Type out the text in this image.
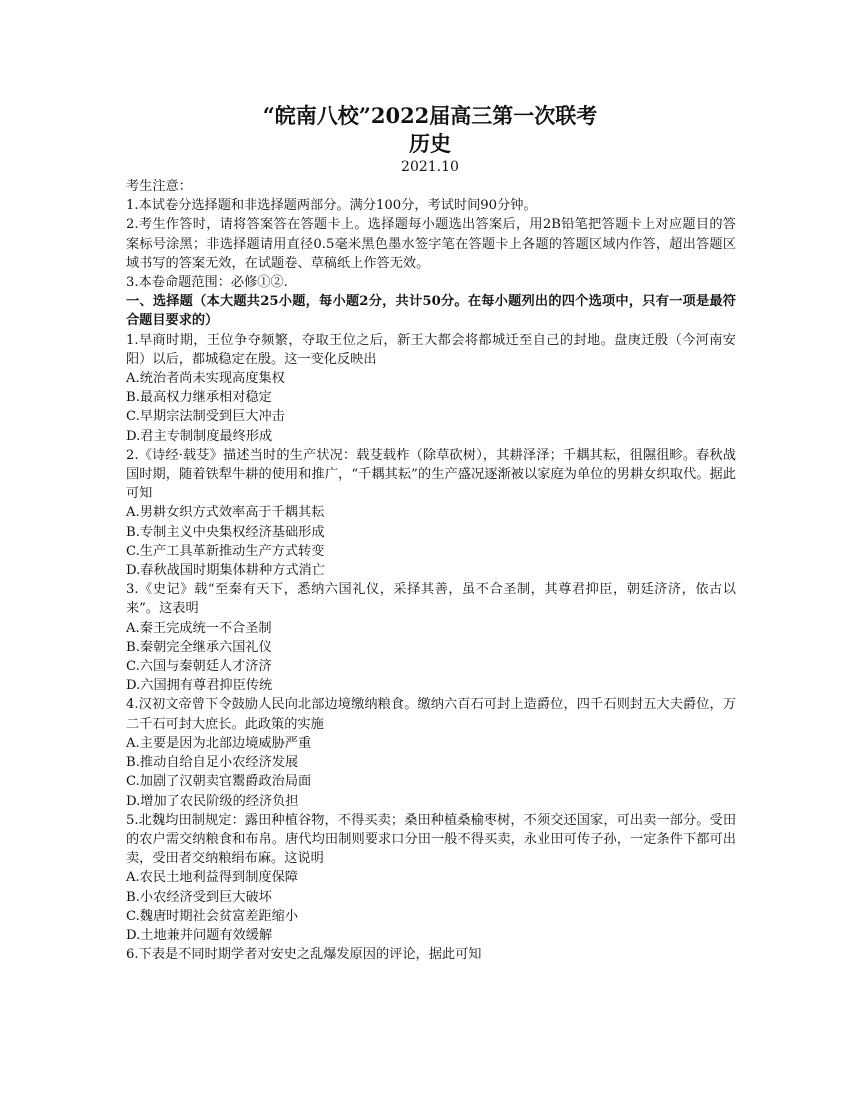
“皖南八校”2022届高三第一次联考
历史
2021.10
考生注意：
1.本试卷分选择题和非选择题两部分。满分100分，考试时间90分钟。
2.考生作答时，请将答案答在答题卡上。选择题每小题选出答案后，用2B铅笔把答题卡上对应题目的答案标号涂黑；非选择题请用直径0.5毫米黑色墨水签字笔在答题卡上各题的答题区域内作答，超出答题区域书写的答案无效，在试题卷、草稿纸上作答无效。
3.本卷命题范围：必修①②.
一、选择题（本大题共25小题，每小题2分，共计50分。在每小题列出的四个选项中，只有一项是最符合题目要求的）
1.早商时期，王位争夺频繁，夺取王位之后，新王大都会将都城迁至自己的封地。盘庚迁殷（今河南安阳）以后，都城稳定在殷。这一变化反映出
A.统治者尚未实现高度集权
B.最高权力继承相对稳定
C.早期宗法制受到巨大冲击
D.君主专制制度最终形成
2.《诗经·载芟》描述当时的生产状况：载芟载柞（除草砍树），其耕泽泽；千耦其耘，徂隰徂畛。春秋战国时期，随着铁犁牛耕的使用和推广，“千耦其耘”的生产盛况逐渐被以家庭为单位的男耕女织取代。据此可知
A.男耕女织方式效率高于千耦其耘
B.专制主义中央集权经济基础形成
C.生产工具革新推动生产方式转变
D.春秋战国时期集体耕种方式消亡
3.《史记》载“至秦有天下，悉纳六国礼仪，采择其善，虽不合圣制，其尊君抑臣，朝廷济济，依古以来”。这表明
A.秦王完成统一不合圣制
B.秦朝完全继承六国礼仪
C.六国与秦朝廷人才济济
D.六国拥有尊君抑臣传统
4.汉初文帝曾下令鼓励人民向北部边境缴纳粮食。缴纳六百石可封上造爵位，四千石则封五大夫爵位，万二千石可封大庶长。此政策的实施
A.主要是因为北部边境威胁严重
B.推动自给自足小农经济发展
C.加剧了汉朝卖官鬻爵政治局面
D.增加了农民阶级的经济负担
5.北魏均田制规定：露田种植谷物，不得买卖；桑田种植桑榆枣树，不须交还国家，可出卖一部分。受田的农户需交纳粮食和布帛。唐代均田制则要求口分田一般不得买卖，永业田可传子孙，一定条件下都可出卖，受田者交纳粮绢布麻。这说明
A.农民土地利益得到制度保障
B.小农经济受到巨大破坏
C.魏唐时期社会贫富差距缩小
D.土地兼并问题有效缓解
6.下表是不同时期学者对安史之乱爆发原因的评论，据此可知
